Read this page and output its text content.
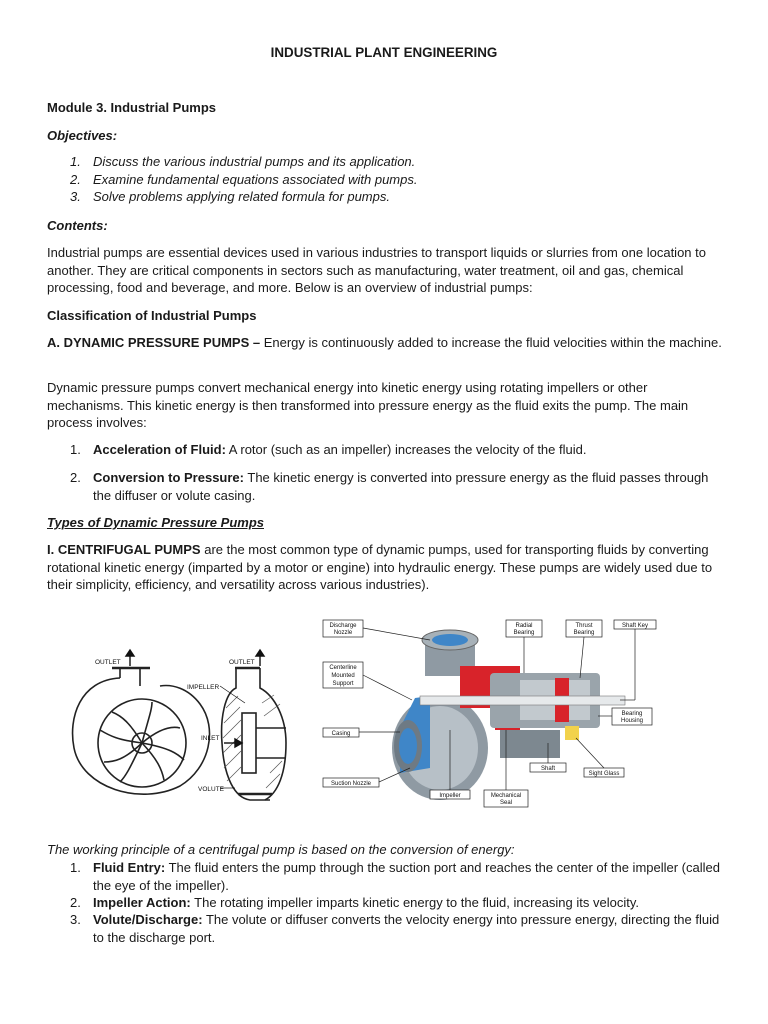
INDUSTRIAL PLANT ENGINEERING

Module 3. Industrial Pumps

Objectives:

1. Discuss the various industrial pumps and its application.
2. Examine fundamental equations associated with pumps.
3. Solve problems applying related formula for pumps.

Contents:

Industrial pumps are essential devices used in various industries to transport liquids or slurries from one location to another. They are critical components in sectors such as manufacturing, water treatment, oil and gas, chemical processing, food and beverage, and more. Below is an overview of industrial pumps:

Classification of Industrial Pumps

A. DYNAMIC PRESSURE PUMPS – Energy is continuously added to increase the fluid velocities within the machine.

Dynamic pressure pumps convert mechanical energy into kinetic energy using rotating impellers or other mechanisms. This kinetic energy is then transformed into pressure energy as the fluid exits the pump. The main process involves:

1. Acceleration of Fluid: A rotor (such as an impeller) increases the velocity of the fluid.
2. Conversion to Pressure: The kinetic energy is converted into pressure energy as the fluid passes through the diffuser or volute casing.

Types of Dynamic Pressure Pumps

I. CENTRIFUGAL PUMPS are the most common type of dynamic pumps, used for transporting fluids by converting rotational kinetic energy (imparted by a motor or engine) into hydraulic energy. These pumps are widely used due to their simplicity, efficiency, and versatility across various industries).

OUTLET	OUTLET
IMPELLER
INLET
VOLUTE
Discharge
Nozzle
Radial
Bearing
Thrust
Bearing
Shaft Key
Centerline
Mounted
Support
Bearing
Housing
Casing
Shaft
Sight Glass
Suction Nozzle
Impeller	Mechanical
Seal

The working principle of a centrifugal pump is based on the conversion of energy:

1. Fluid Entry: The fluid enters the pump through the suction port and reaches the center of the impeller (called the eye of the impeller).
2. Impeller Action: The rotating impeller imparts kinetic energy to the fluid, increasing its velocity.
3. Volute/Discharge: The volute or diffuser converts the velocity energy into pressure energy, directing the fluid to the discharge port.
